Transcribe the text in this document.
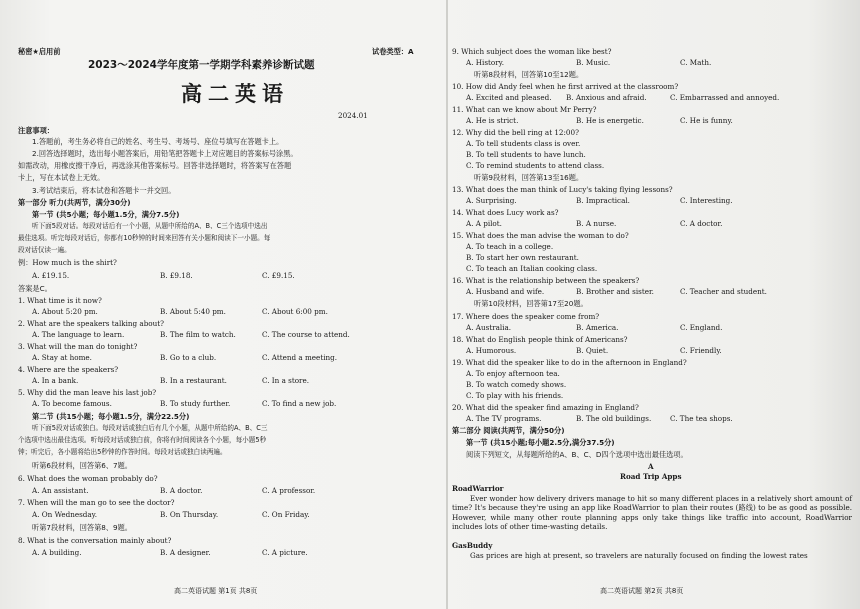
秘密★启用前	试卷类型：A
2023～2024学年度第一学期学科素养诊断试题
高二英语
2024.01
注意事项：
1.答题前，考生务必将自己的姓名、考生号、考场号、座位号填写在答题卡上。
2.回答选择题时，选出每小题答案后，用铅笔把答题卡上对应题目的答案标号涂黑。
如需改动，用橡皮擦干净后，再选涂其他答案标号。回答非选择题时，将答案写在答题
卡上，写在本试卷上无效。
3.考试结束后，将本试卷和答题卡一并交回。
第一部分 听力(共两节，满分30分)
第一节 (共5小题；每小题1.5分，满分7.5分)
听下面5段对话。每段对话后有一个小题，从题中所给的A、B、C三个选项中选出
最佳选项。听完每段对话后，你都有10秒钟的时间来回答有关小题和阅读下一小题。每
段对话仅读一遍。
例：How much is the shirt?
A. £19.15.	B. £9.18.	C. £9.15.
答案是C。
1. What time is it now?
A. About 5:20 pm.	B. About 5:40 pm.	C. About 6:00 pm.
2. What are the speakers talking about?
A. The language to learn.	B. The film to watch.	C. The course to attend.
3. What will the man do tonight?
A. Stay at home.	B. Go to a club.	C. Attend a meeting.
4. Where are the speakers?
A. In a bank.	B. In a restaurant.	C. In a store.
5. Why did the man leave his last job?
A. To become famous.	B. To study further.	C. To find a new job.
第二节 (共15小题；每小题1.5分，满分22.5分)
听下面5段对话或独白。每段对话或独白后有几个小题，从题中所给的A、B、C三
个选项中选出最佳选项。听每段对话或独白前，你将有时间阅读各个小题，每小题5秒
钟；听完后，各小题将给出5秒钟的作答时间。每段对话或独白读两遍。
听第6段材料，回答第6、7题。
6. What does the woman probably do?
A. An assistant.	B. A doctor.	C. A professor.
7. When will the man go to see the doctor?
A. On Wednesday.	B. On Thursday.	C. On Friday.
听第7段材料，回答第8、9题。
8. What is the conversation mainly about?
A. A building.	B. A designer.	C. A picture.
高二英语试题 第1页 共8页
9. Which subject does the woman like best?
A. History.	B. Music.	C. Math.
听第8段材料，回答第10至12题。
10. How did Andy feel when he first arrived at the classroom?
A. Excited and pleased. B. Anxious and afraid.	C. Embarrassed and annoyed.
11. What can we know about Mr Perry?
A. He is strict.	B. He is energetic.	C. He is funny.
12. Why did the bell ring at 12:00?
A. To tell students class is over.
B. To tell students to have lunch.
C. To remind students to attend class.
听第9段材料，回答第13至16题。
13. What does the man think of Lucy's taking flying lessons?
A. Surprising.	B. Impractical.	C. Interesting.
14. What does Lucy work as?
A. A pilot.	B. A nurse.	C. A doctor.
15. What does the man advise the woman to do?
A. To teach in a college.
B. To start her own restaurant.
C. To teach an Italian cooking class.
16. What is the relationship between the speakers?
A. Husband and wife.	B. Brother and sister.	C. Teacher and student.
听第10段材料，回答第17至20题。
17. Where does the speaker come from?
A. Australia.	B. America.	C. England.
18. What do English people think of Americans?
A. Humorous.	B. Quiet.	C. Friendly.
19. What did the speaker like to do in the afternoon in England?
A. To enjoy afternoon tea.
B. To watch comedy shows.
C. To play with his friends.
20. What did the speaker find amazing in England?
A. The TV programs.	B. The old buildings.	C. The tea shops.
第二部分 阅读(共两节，满分50分)
第一节 (共15小题;每小题2.5分,满分37.5分)
阅读下列短文，从每题所给的A、B、C、D四个选项中选出最佳选项。
A
Road Trip Apps
RoadWarrior
Ever wonder how delivery drivers manage to hit so many different places in a relatively short amount of time? It's because they're using an app like RoadWarrior to plan their routes (路线) to be as good as possible. However, while many other route planning apps only take things like traffic into account, RoadWarrior includes lots of other time-wasting details.
GasBuddy
Gas prices are high at present, so travelers are naturally focused on finding the lowest rates
高二英语试题 第2页 共8页
